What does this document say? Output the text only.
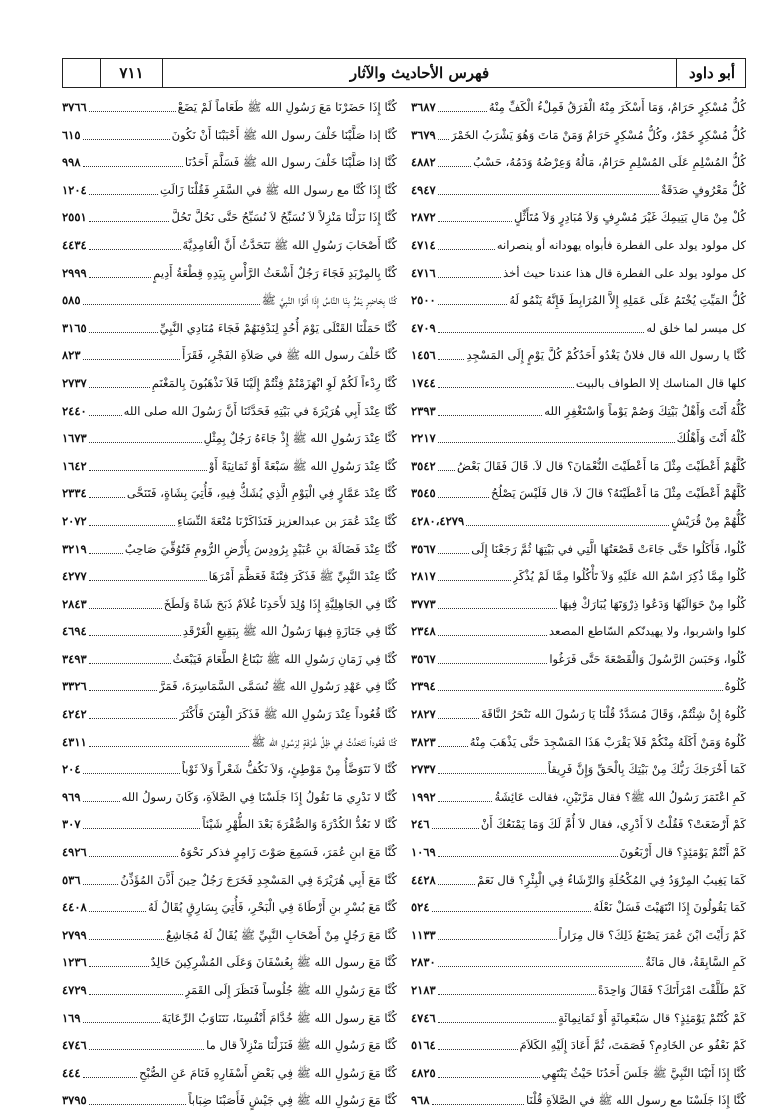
٧١١	فهرس الأحاديث والآثار	أبو داود
كُلُّ مُسْكِرٍ حَرَامٌ، وَمَا أَسْكَرَ مِنْهُ الْفَرَقُ فَمِلْءُ الْكَفِّ مِنْهُ
٣٦٨٧
كُلُّ مُسْكِرٍ خَمْرٌ، وكُلُّ مُسْكِرٍ حَرَامٌ وَمَنْ مَاتَ وَهُوَ يَشْرَبُ الخَمْرَ
٣٦٧٩
كُلُّ المُسْلِمِ عَلَى المُسْلِمِ حَرَامٌ، مَالُهُ وَعِرْضُهُ وَدَمُهُ، حَسْبُ
٤٨٨٢
كُلُّ مَعْرُوفٍ صَدَقَةٌ
٤٩٤٧
كُلْ مِنْ مَالِ يَتِيمِكَ غَيْرَ مُسْرِفٍ وَلاَ مُبَادِرٍ وَلاَ مُتَأَثِّلٍ
٢٨٧٢
كل مولود يولد على الفطرة فأبواه يهودانه أو ينصرانه
٤٧١٤
كل مولود يولد على الفطرة قال هذا عندنا حيث أخذ
٤٧١٦
كُلُّ المَيِّتِ يُخْتَمُ عَلَى عَمَلِهِ إِلاَّ المُرَابِطَ فَإِنَّهُ يَنْمُو لَهُ
٢٥٠٠
كل ميسر لما خلق له
٤٧٠٩
كُنَّا يا رسول الله قال فلانٌ يَغْدُو أَحَدُكُمْ كُلَّ يَوْمٍ إِلَى المَسْجِدِ
١٤٥٦
كلها قال المناسك إلا الطواف بالبيت
١٧٤٤
كُلُّهُ أَنْتَ وَأَهْلُ بَيْتِكَ وَصُمْ يَوْماً وَاسْتَغْفِرِ الله
٢٣٩٣
كُلْهُ أَنْتَ وَأَهْلُكَ
٢٢١٧
كُلَّهُمْ أَعْطَيْتَ مِثْلَ مَا أَعْطَيْتَ النُّعْمَانَ؟ قال لاَ. قَالَ فَقَالَ بَعْضُ
٣٥٤٢
كُلَّهُمْ أَعْطَيْتَ مِثْلَ مَا أَعْطَيْتَهُ؟ قالَ لاَ، قال فَلَيْسَ يَصْلُحُ
٣٥٤٥
كُلُّهُمْ مِنْ قُرَيْشٍ
٤٢٨٠،٤٢٧٩
كُلُوا، فَأَكَلُوا حَتَّى جَاءَتْ قَصْعَتُهَا الَّتِي في بَيْتِهَا ثُمَّ رَجَعْنَا إِلَى
٣٥٦٧
كُلُوا مِمَّا ذُكِرَ اسْمُ الله عَلَيْهِ وَلاَ تَأْكُلُوا مِمَّا لَمْ يُذْكَرِ
٢٨١٧
كُلُوا مِنْ حَوَالَيْهَا وَدَعُوا ذِرْوَتَهَا يُبَارَكْ فِيهَا
٣٧٧٣
كلوا واشربوا، ولا يهيدنّكم السّاطع المصعد
٢٣٤٨
كُلُوا، وَحَبَسَ الرَّسُولَ وَالْقَصْعَةَ حَتَّى فَرَغُوا
٣٥٦٧
كُلُوهُ
٢٣٩٤
كُلُوهُ إِنْ شِئْتُمْ، وَقَالَ مُسَدَّدٌ قُلْنَا يَا رَسُولَ الله نَنْحَرُ النَّاقَةَ
٢٨٢٧
كُلُوهُ وَمَنْ أَكَلَهُ مِنْكُمْ فَلاَ يَقْرَبْ هَذَا المَسْجِدَ حَتَّى يَذْهَبَ مِنْهُ
٣٨٢٣
كَمَا أَخْرَجَكَ رَبُّكَ مِنْ بَيْتِكَ بِالْحَقِّ وَإِنَّ فَرِيقاً
٢٧٣٧
كَمِ اعْتَمَرَ رَسُولُ الله ﷺ؟ فقال مَرَّتَيْنِ، فقالت عَائِشَةُ
١٩٩٢
كَمْ أَرْضَعَتْ؟ فَقُلْتُ لاَ أَدْرِي، فقال لاَ أُمَّ لَكَ وَمَا يَمْنَعُكَ أَنْ
٢٤٦
كَمْ أَنْتُمْ يَوْمَئِذٍ؟ قال أَرْبَعُونَ
١٠٦٩
كَمَا يَغِيبُ المِرْوَدُ فِي المُكْحُلَةِ وَالرِّشَاءُ فِي الْبِئْرِ؟ قال نَعَمْ
٤٤٢٨
كَمَا يَقُولُونَ إِذَا انْتَهَيْتَ فَسَلْ نَعْلَهُ
٥٢٤
كَمْ رَأَيْتَ ابْنَ عُمَرَ يَصْنَعُ ذَلِكَ؟ قال مِرَاراً
١١٣٣
كَمِ السَّابِقَةُ، قال مَائَةٌ
٢٨٣٠
كَمْ طَلَّقْتَ امْرَأَتَكَ؟ فَقَالَ وَاحِدَةً
٢١٨٣
كَمْ كُنْتُمْ يَوْمَئِذٍ؟ قال سَبْعَمِائَةٍ أَوْ ثَمَانِمِائَةٍ
٤٧٤٦
كَمْ نَعْفُو عن الخَادِمِ؟ فَصَمَتَ، ثُمَّ أَعَادَ إِلَيْهِ الكَلاَمَ
٥١٦٤
كُنَّا إِذَا أَتَيْنَا النَّبِيَّ ﷺ جَلَسَ أَحَدُنَا حَيْثُ يَنْتَهِي
٤٨٢٥
كُنَّا إِذَا جَلَسْنَا مع رسول الله ﷺ في الصَّلاَةِ قُلْنَا
٩٦٨
كُنَّا إِذَا حَضَرْنَا مَعَ رَسُولِ الله ﷺ طَعَاماً لَمْ يَضَعْ
٣٧٦٦
كُنَّا إذا صَلَّيْنَا خَلْفَ رسول الله ﷺ أَحْبَبْنَا أَنْ نَكُونَ
٦١٥
كُنَّا إذا صَلَّيْنَا خَلْفَ رسول الله ﷺ فَسَلَّمَ أَحَدُنَا
٩٩٨
كُنَّا إِذَا كُنَّا مع رسول الله ﷺ في السَّفَرِ فَقُلْنَا زَالَتِ
١٢٠٤
كُنَّا إِذَا نَزَلْنَا مَنْزِلاً لاَ نُسَبِّحُ لاَ نُسَبِّحُ حَتَّى نَحُلَّ تَحُلَّ
٢٥٥١
كُنَّا أَصْحَابَ رَسُولِ الله ﷺ نَتَحَدَّثُ أَنَّ الْغَامِدِيَّةَ
٤٤٣٤
كُنَّا بِالمِرْبَدِ فَجَاءَ رَجُلٌ أَشْعَثُ الرَّأْسِ بِيَدِهِ قِطْعَةُ أَدِيمٍ
٢٩٩٩
كُنَّا بِحَاضِرٍ يَمُرُّ بِنَا النَّاسُ إِذَا أَتَوُا النَّبِيَّ ﷺ
٥٨٥
كُنَّا حَمَلْنَا القَتْلَى يَوْمَ أُحُدٍ لِنَدْفِنَهُمْ فَجَاءَ مُنَادِي النَّبِيِّ
٣١٦٥
كُنَّا خَلْفَ رسول الله ﷺ في صَلاَةِ الفَجْرِ، فَقَرَأَ
٨٢٣
كُنَّا رِدْءاً لَكُمْ لَوِ انْهَزَمْتُمْ فِئْتُمْ إِلَيْنَا فَلاَ تَذْهَبُونَ بِالمَغْنَمِ
٢٧٣٧
كُنَّا عِنْدَ أَبِي هُرَيْرَةَ في بَيْتِهِ فَحَدَّثَنَا أَنَّ رَسُولَ الله صلى الله
٢٤٤٠
كُنَّا عِنْدَ رَسُولِ الله ﷺ إِذْ جَاءَهُ رَجُلٌ بِمِثْلِ
١٦٧٣
كُنَّا عِنْدَ رَسُولِ الله ﷺ سَبْعَةً أَوْ ثَمَانِيَةً أَوْ
١٦٤٢
كُنَّا عِنْدَ عَمَّارٍ فِي الْيَوْمِ الَّذِي يُشَكُّ فِيهِ، فَأُتِيَ بِشَاةٍ، فَتَنَحَّى
٢٣٣٤
كُنَّا عِنْدَ عُمَرَ بن عبدالعزيز فَتَذَاكَرْنَا مُتْعَةَ النِّسَاءِ
٢٠٧٢
كُنَّا عِنْدَ فَضَالَةَ بنِ عُبَيْدٍ بِرُودِسَ بِأَرْضِ الرُّومِ فَتُوُفِّيَ صَاحِبٌ
٣٢١٩
كُنَّا عِنْدَ النَّبِيِّ ﷺ فَذَكَرَ فِتْنَةً فَعَظَّمَ أَمْرَهَا
٤٢٧٧
كُنَّا فِي الجَاهِلِيَّةِ إِذَا وُلِدَ لأَحَدِنَا غُلاَمٌ ذَبَحَ شَاةً وَلَطَخَ
٢٨٤٣
كُنَّا فِي جَنَازَةٍ فِيهَا رَسُولُ الله ﷺ بِبَقِيعِ الْغَرْقَدِ
٤٦٩٤
كُنَّا فِي زَمَانِ رَسُولِ الله ﷺ نَبْتَاعُ الطَّعَامَ فَيَبْعَثُ
٣٤٩٣
كُنَّا فِي عَهْدِ رَسُولِ الله ﷺ نُسَمَّى السَّمَاسِرَةَ، فَمَرَّ
٣٣٢٦
كُنَّا قُعُوداً عِنْدَ رَسُولِ الله ﷺ فَذَكَرَ الْفِتَنَ فَأَكْثَرَ
٤٢٤٢
كُنَّا قُعُوداً نَتَحَدَّثُ فِي ظِلِّ غُرْفَةٍ لِرَسُولِ الله ﷺ
٤٣١١
كُنَّا لاَ نَتَوَضَّأُ مِنْ مَوْطِئٍ، وَلاَ نَكُفُّ شَعْراً وَلاَ ثَوْباً
٢٠٤
كُنَّا لا نَدْرِي مَا نَقُولُ إِذَا جَلَسْنَا فِي الصَّلاَةِ، وَكَانَ رسولُ الله
٩٦٩
كُنَّا لا نَعُدُّ الكُدْرَةَ وَالصُّفْرَةَ بَعْدَ الطُّهْرِ شَيْئاً
٣٠٧
كُنَّا مَعَ ابنِ عُمَرَ، فَسَمِعَ صَوْتَ زَامِرٍ فذكر نَحْوَهُ
٤٩٢٦
كُنَّا مَعَ أَبِي هُرَيْرَةَ فِي المَسْجِدِ فَخَرَجَ رَجُلٌ حِينَ أَذَّنَ المُؤَذِّنُ
٥٣٦
كُنَّا مَعَ بُسْرِ بنِ أَرْطَاةَ فِي الْبَحْرِ، فَأُتِيَ بِسَارِقٍ يُقَالُ لَهُ
٤٤٠٨
كُنَّا مَعَ رَجُلٍ مِنْ أَصْحَابِ النَّبِيِّ ﷺ يُقَالُ لَهُ مُجَاشِعٌ
٢٧٩٩
كُنَّا مَعَ رسول الله ﷺ بِعُسْفَانَ وَعَلَى المُشْرِكِينَ خَالِدٌ
١٢٣٦
كُنَّا مَعَ رَسُولِ الله ﷺ جُلُوساً فَنَظَرَ إِلَى القَمَرِ
٤٧٢٩
كُنَّا مَعَ رسول الله ﷺ خُدَّامَ أَنْفُسِنَا، نَتَنَاوَبُ الرِّعَايَةَ
١٦٩
كُنَّا مَعَ رَسُولِ الله ﷺ فَنَزَلْنَا مَنْزِلاً قال ما
٤٧٤٦
كُنَّا مَعَ رَسُولِ الله ﷺ فِي بَعْضِ أَسْفَارِهِ فَنَامَ عَنِ الصُّبْحِ
٤٤٤
كُنَّا مَعَ رَسُولِ الله ﷺ فِي جَيْشٍ فَأَصَبْنَا ضِبَاباً
٣٧٩٥
